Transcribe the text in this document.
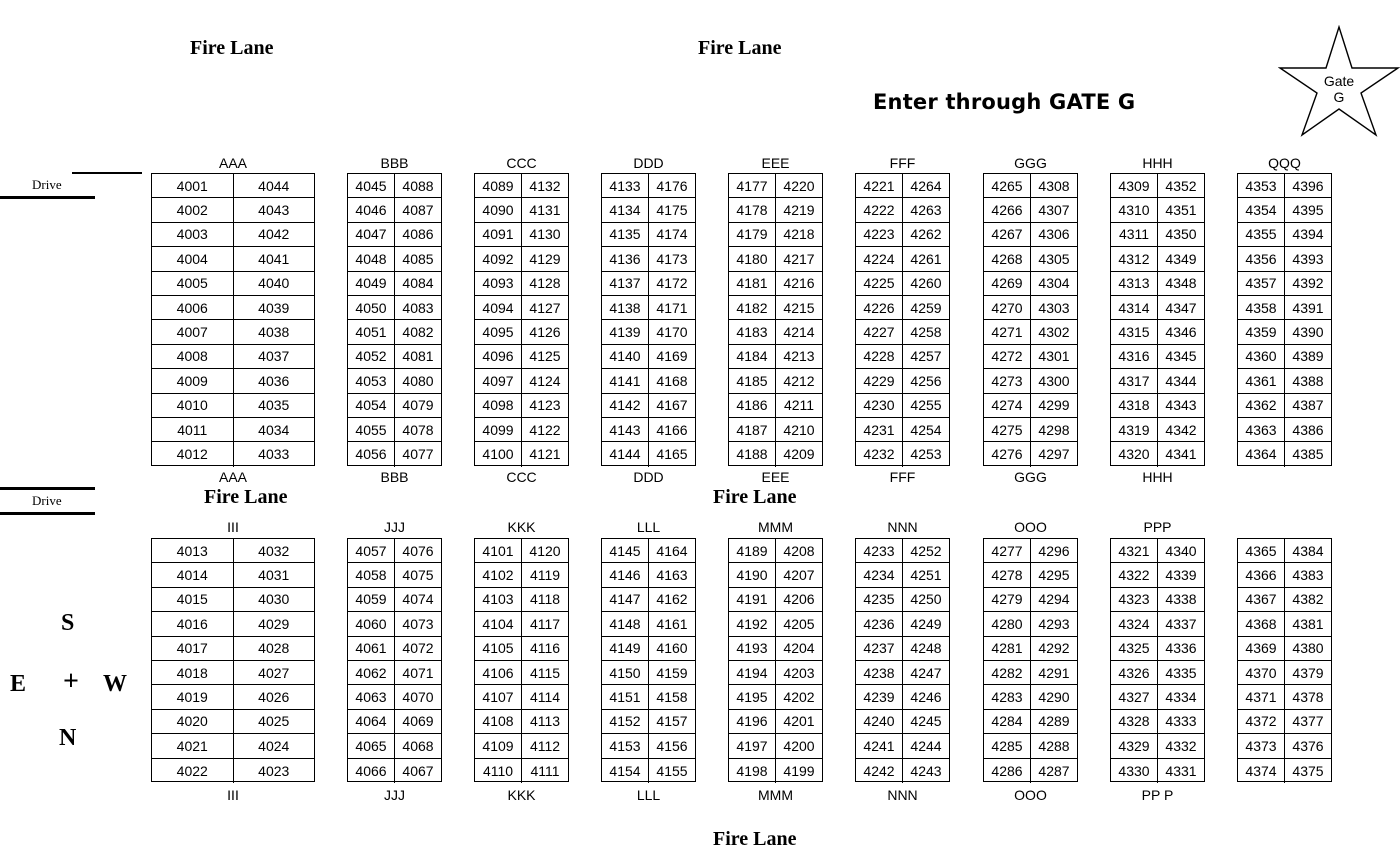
Fire Lane	Fire Lane
Enter through GATE G
Gate
G
Drive
Drive	Fire Lane	Fire Lane
Fire Lane
S
E + W
N
AAA
AAA
4001	4044
4002	4043
4003	4042
4004	4041
4005	4040
4006	4039
4007	4038
4008	4037
4009	4036
4010	4035
4011	4034
4012	4033
BBB
BBB
4045	4088
4046	4087
4047	4086
4048	4085
4049	4084
4050	4083
4051	4082
4052	4081
4053	4080
4054	4079
4055	4078
4056	4077
CCC
CCC
4089	4132
4090	4131
4091	4130
4092	4129
4093	4128
4094	4127
4095	4126
4096	4125
4097	4124
4098	4123
4099	4122
4100	4121
DDD
DDD
4133	4176
4134	4175
4135	4174
4136	4173
4137	4172
4138	4171
4139	4170
4140	4169
4141	4168
4142	4167
4143	4166
4144	4165
EEE
EEE
4177	4220
4178	4219
4179	4218
4180	4217
4181	4216
4182	4215
4183	4214
4184	4213
4185	4212
4186	4211
4187	4210
4188	4209
FFF
FFF
4221	4264
4222	4263
4223	4262
4224	4261
4225	4260
4226	4259
4227	4258
4228	4257
4229	4256
4230	4255
4231	4254
4232	4253
GGG
GGG
4265	4308
4266	4307
4267	4306
4268	4305
4269	4304
4270	4303
4271	4302
4272	4301
4273	4300
4274	4299
4275	4298
4276	4297
HHH
HHH
4309	4352
4310	4351
4311	4350
4312	4349
4313	4348
4314	4347
4315	4346
4316	4345
4317	4344
4318	4343
4319	4342
4320	4341
QQQ
4353	4396
4354	4395
4355	4394
4356	4393
4357	4392
4358	4391
4359	4390
4360	4389
4361	4388
4362	4387
4363	4386
4364	4385
III
III
4013	4032
4014	4031
4015	4030
4016	4029
4017	4028
4018	4027
4019	4026
4020	4025
4021	4024
4022	4023
JJJ
JJJ
4057	4076
4058	4075
4059	4074
4060	4073
4061	4072
4062	4071
4063	4070
4064	4069
4065	4068
4066	4067
KKK
KKK
4101	4120
4102	4119
4103	4118
4104	4117
4105	4116
4106	4115
4107	4114
4108	4113
4109	4112
4110	4111
LLL
LLL
4145	4164
4146	4163
4147	4162
4148	4161
4149	4160
4150	4159
4151	4158
4152	4157
4153	4156
4154	4155
MMM
MMM
4189	4208
4190	4207
4191	4206
4192	4205
4193	4204
4194	4203
4195	4202
4196	4201
4197	4200
4198	4199
NNN
NNN
4233	4252
4234	4251
4235	4250
4236	4249
4237	4248
4238	4247
4239	4246
4240	4245
4241	4244
4242	4243
OOO
OOO
4277	4296
4278	4295
4279	4294
4280	4293
4281	4292
4282	4291
4283	4290
4284	4289
4285	4288
4286	4287
PPP
PP P
4321	4340
4322	4339
4323	4338
4324	4337
4325	4336
4326	4335
4327	4334
4328	4333
4329	4332
4330	4331
4365	4384
4366	4383
4367	4382
4368	4381
4369	4380
4370	4379
4371	4378
4372	4377
4373	4376
4374	4375
